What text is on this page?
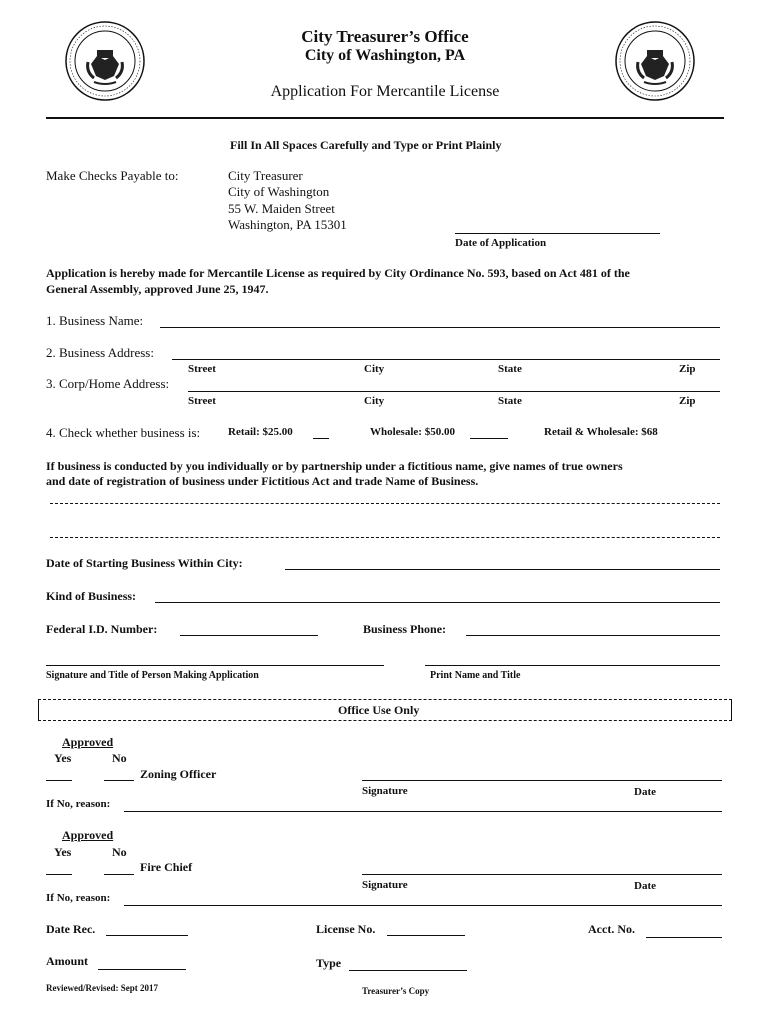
City Treasurer’s Office
City of Washington, PA
Application For Mercantile License
Fill In All Spaces Carefully and Type or Print Plainly
Make Checks Payable to:	City Treasurer
City of Washington
55 W. Maiden Street
Washington, PA 15301
Date of Application
Application is hereby made for Mercantile License as required by City Ordinance No. 593, based on Act 481 of the
General Assembly, approved June 25, 1947.
1. Business Name:
2. Business Address:
Street	City	State	Zip
3. Corp/Home Address:
Street	City	State	Zip
4. Check whether business is:	Retail: $25.00	Wholesale: $50.00	Retail & Wholesale: $68
If business is conducted by you individually or by partnership under a fictitious name, give names of true owners
and date of registration of business under Fictitious Act and trade Name of Business.
Date of Starting Business Within City:
Kind of Business:
Federal I.D. Number:	Business Phone:
Signature and Title of Person Making Application	Print Name and Title
Office Use Only
Approved
Yes	No
Zoning Officer
Signature	Date
If No, reason:
Approved
Yes	No
Fire Chief
Signature	Date
If No, reason:
Date Rec.	License No.	Acct. No.
Amount	Type
Reviewed/Revised: Sept 2017	Treasurer’s Copy
